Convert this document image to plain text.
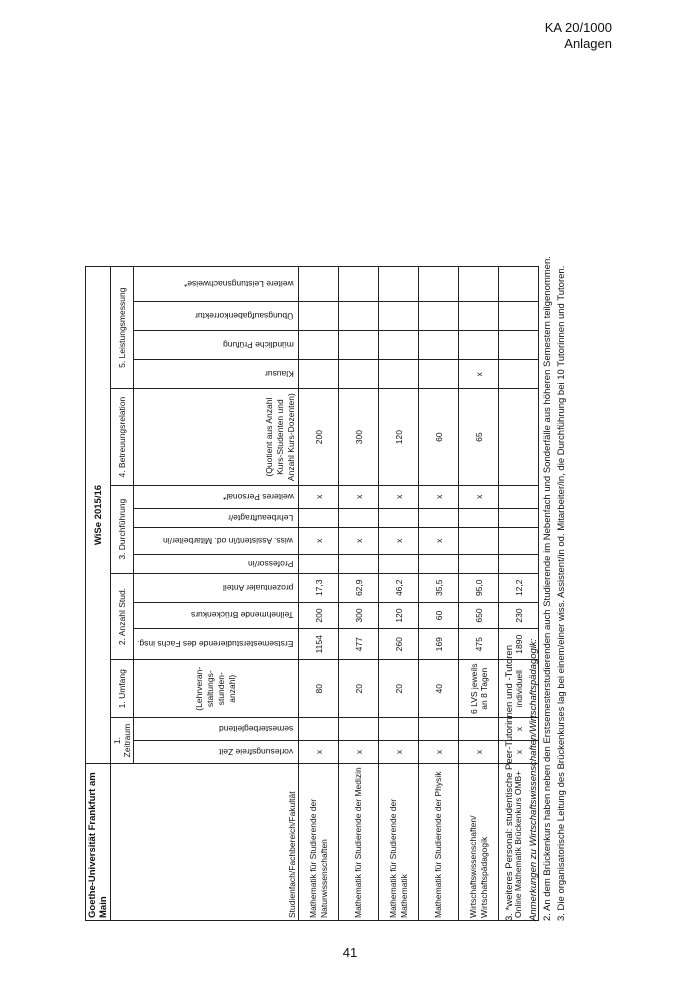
KA 20/1000
Anlagen
Goethe-Universität Frankfurt am Main	WiSe 2015/16														
Studienfach/Fachbereich/Fakultät	1. Zeitraum		1. Umfang	2. Anzahl Stud.			3. Durchführung				4. Betreuungsrelation	5. Leistungsmessung			
	vorlesungsfreie Zeit	semesterbegleitend	(Lehrveran-staltungs-stunden-anzahl)	Erstsemesterstudierende des Fachs insg.	Teilnehmende Brückenkurs	prozentualer Anteil	Professor/in	wiss. Assistent/in od. Mitarbeiter/in	Lehrbeauftragte/r	weiteres Personal*	(Quotient aus Anzahl Kurs-Studenten und Anzahl Kurs-Dozenten)	Klausur	mündliche Prüfung	Übungsaufgabenkorrektur	weitere Leistungsnachweise*
Mathematik für Studierende der Naturwissenschaften	x		80	1154	200	17,3		x		x	200				
Mathematik für Studierende der Medizin	x		20	477	300	62,9		x		x	300				
Mathematik für Studierende der Mathematik	x		20	260	120	46,2		x		x	120				
Mathematik für Studierende der Physik	x		40	169	60	35,5		x		x	60				
Wirtschaftswissenschaften/ Wirtschaftspädagogik	x		6 LVS jeweils an 8 Tagen	475	650	95,0				x	65	x			
Online Mathematik Brückenkurs OMB+	x	x	individuell	1890	230	12,2									
3. *weiteres Personal: studentische Peer-Tutorinnen und -Tutoren Anmerkungen zu Wirtschaftswissenschaften/Wirtschaftspädagogik: 2. An dem Brückenkurs haben neben den Erstsemesterstudierenden auch Studierende im Nebenfach und Sonderfälle aus höheren Semestern teilgenommen. 3. Die organisatorische Leitung des Brückenkurses lag bei einem/einer wiss. Assistent/in od. Mitarbeiter/in, die Durchführung bei 10 Tutorinnen und Tutoren.
41
